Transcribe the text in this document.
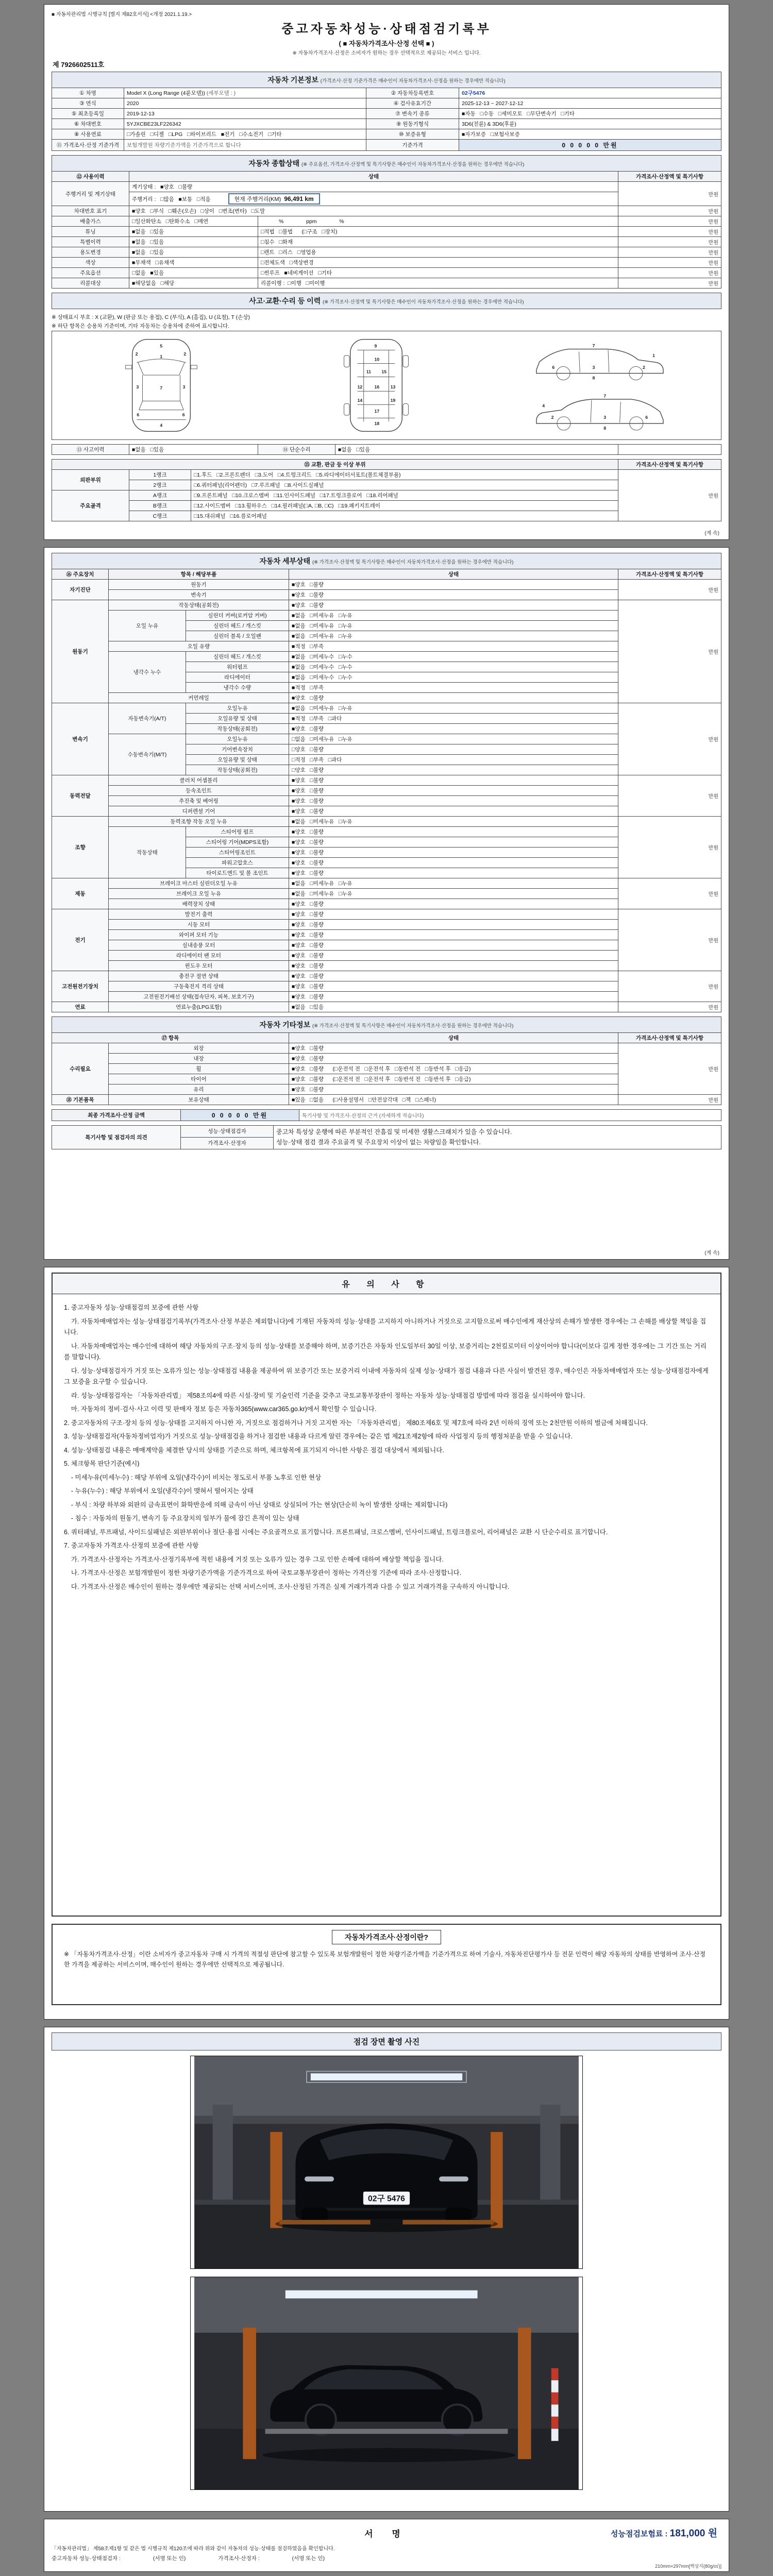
■ 자동차관리법 시행규칙 [별지 제82호서식] <개정 2021.1.19.>
중고자동차성능·상태점검기록부
( ■ 자동차가격조사·산정 선택 ■ )
※ 자동차가격조사·산정은 소비자가 원하는 경우 선택적으로 제공되는 서비스 입니다.
제 7926602511호
자동차 기본정보 (가격조사·산정 기준가격은 매수인이 자동차가격조사·산정을 원하는 경우에만 적습니다)			
① 차명	Model X (Long Range (4륜모델)) (세부모델 : )	② 자동차등록번호	02구5476
③ 연식	2020	④ 검사유효기간	2025-12-13 ~ 2027-12-12
⑤ 최초등록일	2019-12-13	⑦ 변속기 종류	■자동   □수동   □세미오토   □무단변속기   □기타
⑥ 차대번호	5YJXCBE23LF226342	⑨ 원동기형식	3D6(전륜) & 3D6(후륜)
⑧ 사용연료	□가솔린   □디젤   □LPG   □하이브리드   ■전기   □수소전기   □기타	⑩ 보증유형	■자가보증   □보험사보증
⑪ 가격조사·산정 기준가격	보험개발원 차량기준가액을 기준가격으로 합니다	기준가격	0 0 0 0 0 만원
자동차 종합상태 (※ 주요옵션, 가격조사·산정액 및 특기사항은 매수인이 자동차가격조사·산정을 원하는 경우에만 적습니다)			
⑫ 사용이력	상태		가격조사·산정액 및 특기사항
주행거리 및 계기상태	계기상태 :   ■양호   □불량		만원
	주행거리 :   □많음   ■보통   □적음 현재 주행거리(KM) 96,491 km		
차대번호 표기	■양호   □부식   □훼손(오손)   □상이   □변조(변타)   □도말		만원
배출가스	□일산화탄소   □탄화수소   □매연	%               ppm               %	만원
튜닝	■없음   □있음	□적법   □불법      (□구조   □장치)	만원
특별이력	■없음   □있음	□침수   □화재	만원
용도변경	■없음   □있음	□렌트   □리스   □영업용	만원
색상	■무채색   □유채색	□전체도색   □색상변경	만원
주요옵션	□없음   ■있음	□썬루프   ■네비게이션   □기타	만원
리콜대상	■해당없음   □해당	리콜이행 :  □이행   □미이행	만원
사고·교환·수리 등 이력 (※ 가격조사·산정액 및 특기사항은 매수인이 자동차가격조사·산정을 원하는 경우에만 적습니다)
※ 상태표시 부호 : X (교환), W (판금 또는 용접), C (부식), A (흠집), U (요철), T (손상)
※ 하단 항목은 승용차 기준이며, 기타 자동차는 승용차에 준하여 표시합니다.
5
1
2	2
3	3
7
6	6
4
9
10
11 15
12	13
16
14	19
17
18
6	3
7
2
1
8
6
3
7
2
4
8
⑬ 사고이력	■없음   □있음	⑭ 단순수리	■없음   □있음	
⑮ 교환, 판금 등 이상 부위			가격조사·산정액 및 특기사항
외판부위	1랭크	□1.후드   □2.프론트펜더   □3.도어   □4.트렁크리드   □5.라디에이터서포트(볼트체결부품)	만원
	2랭크	□6.쿼터패널(리어펜더)   □7.루프패널   □8.사이드실패널	
주요골격	A랭크	□9.프론트패널   □10.크로스멤버   □11.인사이드패널   □17.트렁크플로어   □18.리어패널	
	B랭크	□12.사이드멤버   □13.휠하우스   □14.필러패널(□A, □B, □C)   □19.패키지트레이	
	C랭크	□15.대쉬패널   □16.플로어패널	
(계 속)
자동차 세부상태 (※ 가격조사·산정액 및 특기사항은 매수인이 자동차가격조사·산정을 원하는 경우에만 적습니다)				
⑯ 주요장치	항목 / 해당부품		상태	가격조사·산정액 및 특기사항
자기진단	원동기		■양호   □불량	만원
	변속기		■양호   □불량	
원동기	작동상태(공회전)		■양호   □불량	만원
	오일 누유	실린더 커버(로커암 커버)	■없음   □미세누유   □누유	
		실린더 헤드 / 개스킷	■없음   □미세누유   □누유	
		실린더 블록 / 오일팬	■없음   □미세누유   □누유	
	오일 유량		■적정   □부족	
	냉각수 누수	실린더 헤드 / 개스킷	■없음   □미세누수   □누수	
		워터펌프	■없음   □미세누수   □누수	
		라디에이터	■없음   □미세누수   □누수	
		냉각수 수량	■적정   □부족	
	커먼레일		■양호   □불량	
변속기	자동변속기(A/T)	오일누유	■없음   □미세누유   □누유	만원
		오일유량 및 상태	■적정   □부족   □과다	
		작동상태(공회전)	■양호   □불량	
	수동변속기(M/T)	오일누유	□없음   □미세누유   □누유	
		기어변속장치	□양호   □불량	
		오일유량 및 상태	□적정   □부족   □과다	
		작동상태(공회전)	□양호   □불량	
동력전달	클러치 어셈블리		■양호   □불량	만원
	등속조인트		■양호   □불량	
	추진축 및 베어링		■양호   □불량	
	디퍼렌셜 기어		■양호   □불량	
조향	동력조향 작동 오일 누유		■없음   □미세누유   □누유	만원
	작동상태	스티어링 펌프	■양호   □불량	
		스티어링 기어(MDPS포함)	■양호   □불량	
		스티어링조인트	■양호   □불량	
		파워고압호스	■양호   □불량	
		타이로드엔드 및 볼 조인트	■양호   □불량	
제동	브레이크 마스터 실린더오일 누유		■없음   □미세누유   □누유	만원
	브레이크 오일 누유		■없음   □미세누유   □누유	
	배력장치 상태		■양호   □불량	
전기	발전기 출력		■양호   □불량	만원
	시동 모터		■양호   □불량	
	와이퍼 모터 기능		■양호   □불량	
	실내송풍 모터		■양호   □불량	
	라디에이터 팬 모터		■양호   □불량	
	윈도우 모터		■양호   □불량	
고전원전기장치	충전구 절연 상태		■양호   □불량	만원
	구동축전지 격리 상태		■양호   □불량	
	고전원전기배선 상태(접속단자, 피복, 보호기구)		■양호   □불량	
연료	연료누출(LPG포함)		■없음   □있음	만원
자동차 기타정보 (※ 가격조사·산정액 및 특기사항은 매수인이 자동차가격조사·산정을 원하는 경우에만 적습니다)			
⑰ 항목		상태	가격조사·산정액 및 특기사항
수리필요	외장	■양호   □불량	만원
	내장	■양호   □불량	
	휠	■양호   □불량      (□운전석 전   □운전석 후   □동반석 전   □동반석 후   □응급)	
	타이어	■양호   □불량      (□운전석 전   □운전석 후   □동반석 전   □동반석 후   □응급)	
	유리	■양호   □불량	
⑱ 기본품목	보유상태	■있음   □없음      (□사용설명서   □안전삼각대   □잭   □스패너)	만원
최종 가격조사·산정 금액	0 0 0 0 0 만원	특기사항 및 가격조사·산정의 근거 (자세하게 적습니다)
특기사항 및 점검자의 의견	성능·상태점검자	중고차 특성상 운행에 따른 부분적인 잔흠집 및 미세한 생활스크래치가 있을 수 있습니다.
성능·상태 점검 결과 주요골격 및 주요장치 이상이 없는 차량임을 확인합니다.

가격조사·산정자
(계 속)
유 의 사 항
1. 중고자동차 성능·상태점검의 보증에 관한 사항
가. 자동차매매업자는 성능·상태점검기록부(가격조사·산정 부분은 제외합니다)에 기재된 자동차의 성능·상태를 고지하지 아니하거나 거짓으로 고지함으로써 매수인에게 재산상의 손해가 발생한 경우에는 그 손해를 배상할 책임을 집니다.
나. 자동차매매업자는 매수인에 대하여 해당 자동차의 구조·장치 등의 성능·상태를 보증해야 하며, 보증기간은 자동차 인도일부터 30일 이상, 보증거리는 2천킬로미터 이상이어야 합니다(이보다 길게 정한 경우에는 그 기간 또는 거리를 말합니다).
다. 성능·상태점검자가 거짓 또는 오류가 있는 성능·상태점검 내용을 제공하여 위 보증기간 또는 보증거리 이내에 자동차의 실제 성능·상태가 점검 내용과 다른 사실이 발견된 경우, 매수인은 자동차매매업자 또는 성능·상태점검자에게 그 보증을 요구할 수 있습니다.
라. 성능·상태점검자는 「자동차관리법」 제58조의4에 따른 시설·장비 및 기술인력 기준을 갖추고 국토교통부장관이 정하는 자동차 성능·상태점검 방법에 따라 점검을 실시하여야 합니다.
마. 자동차의 정비·검사·사고 이력 및 판매자 정보 등은 자동차365(www.car365.go.kr)에서 확인할 수 있습니다.
2. 중고자동차의 구조·장치 등의 성능·상태를 고지하지 아니한 자, 거짓으로 점검하거나 거짓 고지한 자는 「자동차관리법」 제80조제6호 및 제7호에 따라 2년 이하의 징역 또는 2천만원 이하의 벌금에 처해집니다.
3. 성능·상태점검자(자동차정비업자)가 거짓으로 성능·상태점검을 하거나 점검한 내용과 다르게 알린 경우에는 같은 법 제21조제2항에 따라 사업정지 등의 행정처분을 받을 수 있습니다.
4. 성능·상태점검 내용은 매매계약을 체결한 당시의 상태를 기준으로 하며, 체크항목에 표기되지 아니한 사항은 점검 대상에서 제외됩니다.
5. 체크항목 판단기준(예시)
- 미세누유(미세누수) : 해당 부위에 오일(냉각수)이 비치는 정도로서 부품 노후로 인한 현상
- 누유(누수) : 해당 부위에서 오일(냉각수)이 맺혀서 떨어지는 상태
- 부식 : 차량 하부와 외판의 금속표면이 화학반응에 의해 금속이 아닌 상태로 상실되어 가는 현상(단순히 녹이 발생한 상태는 제외합니다)
- 침수 : 자동차의 원동기, 변속기 등 주요장치의 일부가 물에 잠긴 흔적이 있는 상태
6. 쿼터패널, 루프패널, 사이드실패널은 외판부위이나 절단·용접 시에는 주요골격으로 표기합니다. 프론트패널, 크로스멤버, 인사이드패널, 트렁크플로어, 리어패널은 교환 시 단순수리로 표기합니다.
7. 중고자동차 가격조사·산정의 보증에 관한 사항
가. 가격조사·산정자는 가격조사·산정기록부에 적힌 내용에 거짓 또는 오류가 있는 경우 그로 인한 손해에 대하여 배상할 책임을 집니다.
나. 가격조사·산정은 보험개발원이 정한 차량기준가액을 기준가격으로 하여 국토교통부장관이 정하는 가격산정 기준에 따라 조사·산정합니다.
다. 가격조사·산정은 매수인이 원하는 경우에만 제공되는 선택 서비스이며, 조사·산정된 가격은 실제 거래가격과 다를 수 있고 거래가격을 구속하지 아니합니다.
자동차가격조사·산정이란?
※ 「자동차가격조사·산정」이란 소비자가 중고자동차 구매 시 가격의 적절성 판단에 참고할 수 있도록 보험개발원이 정한 차량기준가액을 기준가격으로 하여 기술사, 자동차진단평가사 등 전문 인력이 해당 자동차의 상태를 반영하여 조사·산정한 가격을 제공하는 서비스이며, 매수인이 원하는 경우에만 선택적으로 제공됩니다.
점검 장면 촬영 사진
02구 5476

서 명	성능점검보험료 : 181,000 원
「자동차관리법」 제58조제1항 및 같은 법 시행규칙 제120조에 따라 위와 같이 자동차의 성능·상태를 점검하였음을 확인합니다.
중고자동차 성능·상태점검자 :	(서명 또는 인)	가격조사·산정자 :	(서명 또는 인)
210mm×297mm[백상지(80g/㎡)]
